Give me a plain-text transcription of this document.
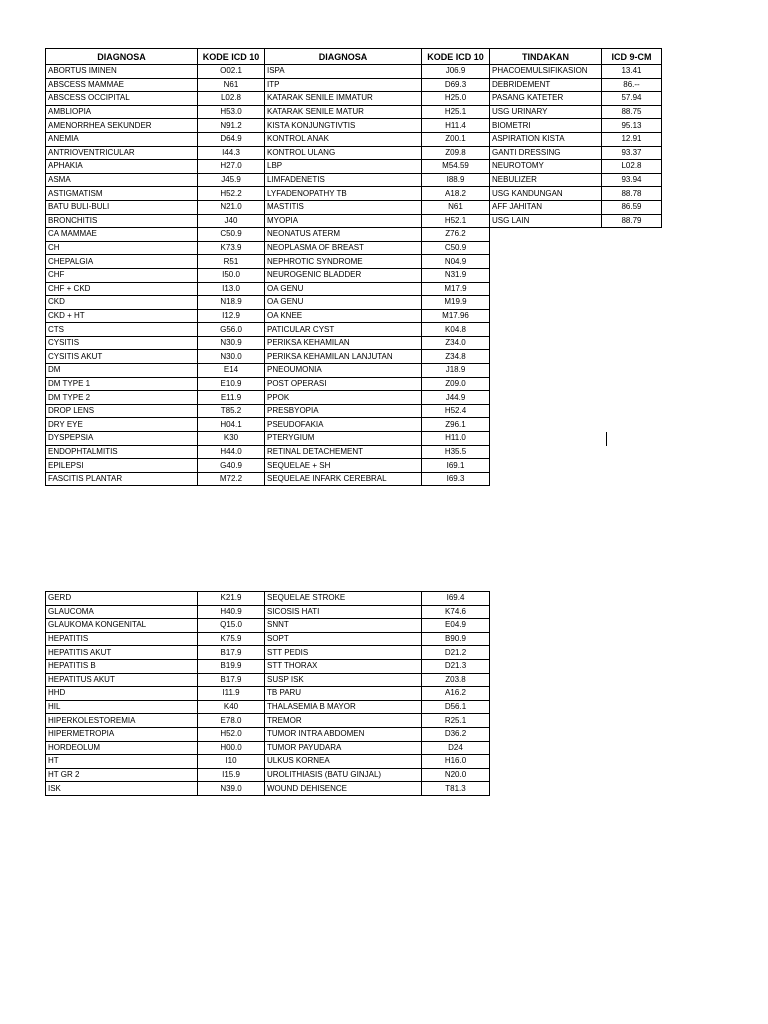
DIAGNOSA	KODE ICD 10	DIAGNOSA	KODE ICD 10	TINDAKAN	ICD 9-CM
ABORTUS IMINEN	O02.1	ISPA	J06.9	PHACOEMULSIFIKASION	13.41
ABSCESS MAMMAE	N61	ITP	D69.3	DEBRIDEMENT	86.--
ABSCESS OCCIPITAL	L02.8	KATARAK SENILE IMMATUR	H25.0	PASANG KATETER	57.94
AMBLIOPIA	H53.0	KATARAK SENILE MATUR	H25.1	USG URINARY	88.75
AMENORRHEA SEKUNDER	N91.2	KISTA KONJUNGTIVTIS	H11.4	BIOMETRI	95.13
ANEMIA	D64.9	KONTROL ANAK	Z00.1	ASPIRATION KISTA	12.91
ANTRIOVENTRICULAR	I44.3	KONTROL ULANG	Z09.8	GANTI DRESSING	93.37
APHAKIA	H27.0	LBP	M54.59	NEUROTOMY	L02.8
ASMA	J45.9	LIMFADENETIS	I88.9	NEBULIZER	93.94
ASTIGMATISM	H52.2	LYFADENOPATHY TB	A18.2	USG KANDUNGAN	88.78
BATU BULI-BULI	N21.0	MASTITIS	N61	AFF JAHITAN	86.59
BRONCHITIS	J40	MYOPIA	H52.1	USG LAIN	88.79
CA MAMMAE	C50.9	NEONATUS ATERM	Z76.2		
CH	K73.9	NEOPLASMA OF BREAST	C50.9		
CHEPALGIA	R51	NEPHROTIC SYNDROME	N04.9		
CHF	I50.0	NEUROGENIC BLADDER	N31.9		
CHF + CKD	I13.0	OA GENU	M17.9		
CKD	N18.9	OA GENU	M19.9		
CKD + HT	I12.9	OA KNEE	M17.96		
CTS	G56.0	PATICULAR CYST	K04.8		
CYSITIS	N30.9	PERIKSA KEHAMILAN	Z34.0		
CYSITIS AKUT	N30.0	PERIKSA KEHAMILAN LANJUTAN	Z34.8		
DM	E14	PNEOUMONIA	J18.9		
DM TYPE 1	E10.9	POST OPERASI	Z09.0		
DM TYPE 2	E11.9	PPOK	J44.9		
DROP LENS	T85.2	PRESBYOPIA	H52.4		
DRY EYE	H04.1	PSEUDOFAKIA	Z96.1		
DYSPEPSIA	K30	PTERYGIUM	H11.0		
ENDOPHTALMITIS	H44.0	RETINAL DETACHEMENT	H35.5		
EPILEPSI	G40.9	SEQUELAE + SH	I69.1		
FASCITIS PLANTAR	M72.2	SEQUELAE INFARK CEREBRAL	I69.3		
GERD	K21.9	SEQUELAE STROKE	I69.4
GLAUCOMA	H40.9	SICOSIS HATI	K74.6
GLAUKOMA KONGENITAL	Q15.0	SNNT	E04.9
HEPATITIS	K75.9	SOPT	B90.9
HEPATITIS AKUT	B17.9	STT PEDIS	D21.2
HEPATITIS B	B19.9	STT THORAX	D21.3
HEPATITUS AKUT	B17.9	SUSP ISK	Z03.8
HHD	I11.9	TB PARU	A16.2
HIL	K40	THALASEMIA B MAYOR	D56.1
HIPERKOLESTOREMIA	E78.0	TREMOR	R25.1
HIPERMETROPIA	H52.0	TUMOR INTRA ABDOMEN	D36.2
HORDEOLUM	H00.0	TUMOR PAYUDARA	D24
HT	I10	ULKUS KORNEA	H16.0
HT GR 2	I15.9	UROLITHIASIS (BATU GINJAL)	N20.0
ISK	N39.0	WOUND DEHISENCE	T81.3
